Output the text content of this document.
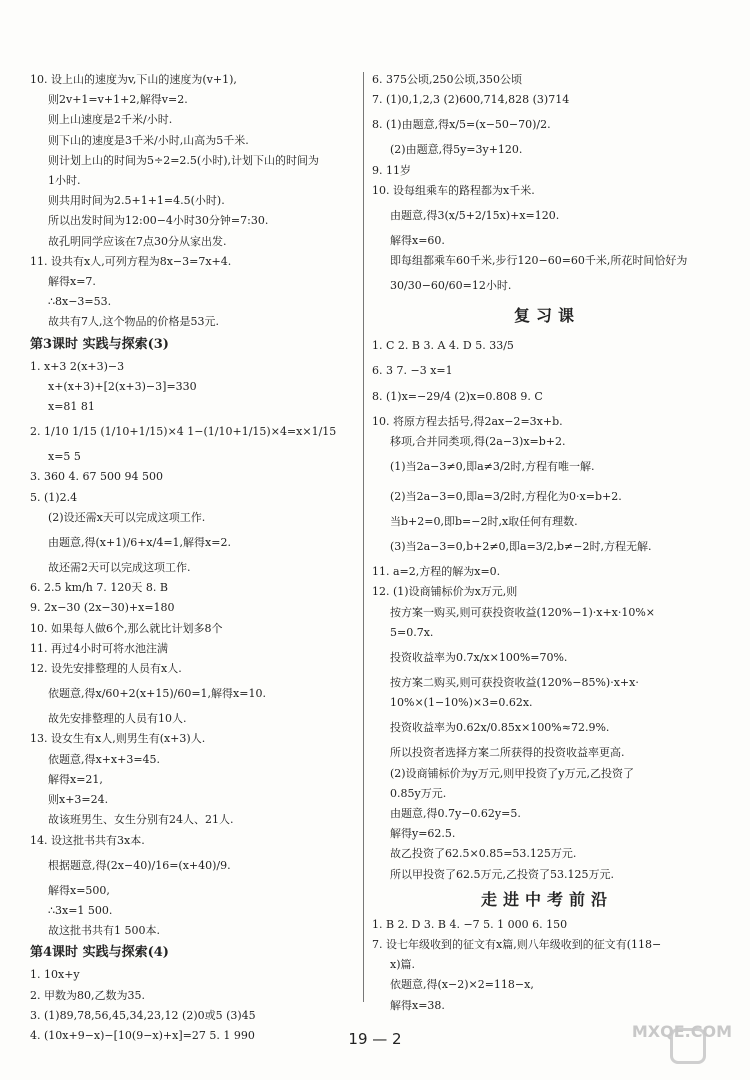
10. 设上山的速度为v,下山的速度为(v+1),
则2v+1=v+1+2,解得v=2.
则上山速度是2千米/小时.
则下山的速度是3千米/小时,山高为5千米.
则计划上山的时间为5÷2=2.5(小时),计划下山的时间为
1小时.
则共用时间为2.5+1+1=4.5(小时).
所以出发时间为12:00−4小时30分钟=7:30.
故孔明同学应该在7点30分从家出发.
11. 设共有x人,可列方程为8x−3=7x+4.
解得x=7.
∴8x−3=53.
故共有7人,这个物品的价格是53元.
第3课时 实践与探索(3)
1. x+3 2(x+3)−3
x+(x+3)+[2(x+3)−3]=330
x=81 81
2. 1/10 1/15 (1/10+1/15)×4 1−(1/10+1/15)×4=x×1/15
x=5 5
3. 360 4. 67 500 94 500
5. (1)2.4
(2)设还需x天可以完成这项工作.
由题意,得(x+1)/6+x/4=1,解得x=2.
故还需2天可以完成这项工作.
6. 2.5 km/h 7. 120天 8. B
9. 2x−30 (2x−30)+x=180
10. 如果每人做6个,那么就比计划多8个
11. 再过4小时可将水池注满
12. 设先安排整理的人员有x人.
依题意,得x/60+2(x+15)/60=1,解得x=10.
故先安排整理的人员有10人.
13. 设女生有x人,则男生有(x+3)人.
依题意,得x+x+3=45.
解得x=21,
则x+3=24.
故该班男生、女生分别有24人、21人.
14. 设这批书共有3x本.
根据题意,得(2x−40)/16=(x+40)/9.
解得x=500,
∴3x=1 500.
故这批书共有1 500本.
第4课时 实践与探索(4)
1. 10x+y
2. 甲数为80,乙数为35.
3. (1)89,78,56,45,34,23,12 (2)0或5 (3)45
4. (10x+9−x)−[10(9−x)+x]=27 5. 1 990
6. 375公顷,250公顷,350公顷
7. (1)0,1,2,3 (2)600,714,828 (3)714
8. (1)由题意,得x/5=(x−50−70)/2.
(2)由题意,得5y=3y+120.
9. 11岁
10. 设每组乘车的路程都为x千米.
由题意,得3(x/5+2/15x)+x=120.
解得x=60.
即每组都乘车60千米,步行120−60=60千米,所花时间恰好为
30/30−60/60=12小时.
复习课
1. C 2. B 3. A 4. D 5. 33/5
6. 3 7. −3 x=1
8. (1)x=−29/4 (2)x=0.808 9. C
10. 将原方程去括号,得2ax−2=3x+b.
移项,合并同类项,得(2a−3)x=b+2.
(1)当2a−3≠0,即a≠3/2时,方程有唯一解.
(2)当2a−3=0,即a=3/2时,方程化为0·x=b+2.
当b+2=0,即b=−2时,x取任何有理数.
(3)当2a−3=0,b+2≠0,即a=3/2,b≠−2时,方程无解.
11. a=2,方程的解为x=0.
12. (1)设商铺标价为x万元,则
按方案一购买,则可获投资收益(120%−1)·x+x·10%×
5=0.7x.
投资收益率为0.7x/x×100%=70%.
按方案二购买,则可获投资收益(120%−85%)·x+x·
10%×(1−10%)×3=0.62x.
投资收益率为0.62x/0.85x×100%≈72.9%.
所以投资者选择方案二所获得的投资收益率更高.
(2)设商铺标价为y万元,则甲投资了y万元,乙投资了
0.85y万元.
由题意,得0.7y−0.62y=5.
解得y=62.5.
故乙投资了62.5×0.85=53.125万元.
所以甲投资了62.5万元,乙投资了53.125万元.
走进中考前沿
1. B 2. D 3. B 4. −7 5. 1 000 6. 150
7. 设七年级收到的征文有x篇,则八年级收到的征文有(118−
x)篇.
依题意,得(x−2)×2=118−x,
解得x=38.
19 — 2	MXQE.COM
